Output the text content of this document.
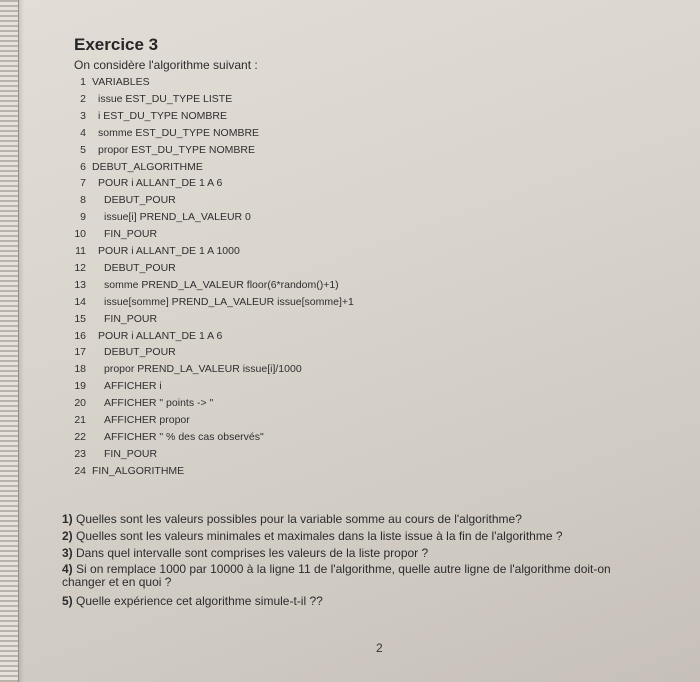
Exercice 3
On considère l'algorithme suivant :
1 VARIABLES
2 issue EST_DU_TYPE LISTE
3 i EST_DU_TYPE NOMBRE
4 somme EST_DU_TYPE NOMBRE
5 propor EST_DU_TYPE NOMBRE
6 DEBUT_ALGORITHME
7 POUR i ALLANT_DE 1 A 6
8 DEBUT_POUR
9 issue[i] PREND_LA_VALEUR 0
10 FIN_POUR
11 POUR i ALLANT_DE 1 A 1000
12 DEBUT_POUR
13 somme PREND_LA_VALEUR floor(6*random()+1)
14 issue[somme] PREND_LA_VALEUR issue[somme]+1
15 FIN_POUR
16 POUR i ALLANT_DE 1 A 6
17 DEBUT_POUR
18 propor PREND_LA_VALEUR issue[i]/1000
19 AFFICHER i
20 AFFICHER " points -> "
21 AFFICHER propor
22 AFFICHER " % des cas observés"
23 FIN_POUR
24 FIN_ALGORITHME
1) Quelles sont les valeurs possibles pour la variable somme au cours de l'algorithme?
2) Quelles sont les valeurs minimales et maximales dans la liste issue à la fin de l'algorithme ?
3) Dans quel intervalle sont comprises les valeurs de la liste propor ?
4) Si on remplace 1000 par 10000 à la ligne 11 de l'algorithme, quelle autre ligne de l'algorithme doit-on
changer et en quoi ?
5) Quelle expérience cet algorithme simule-t-il ??
2
